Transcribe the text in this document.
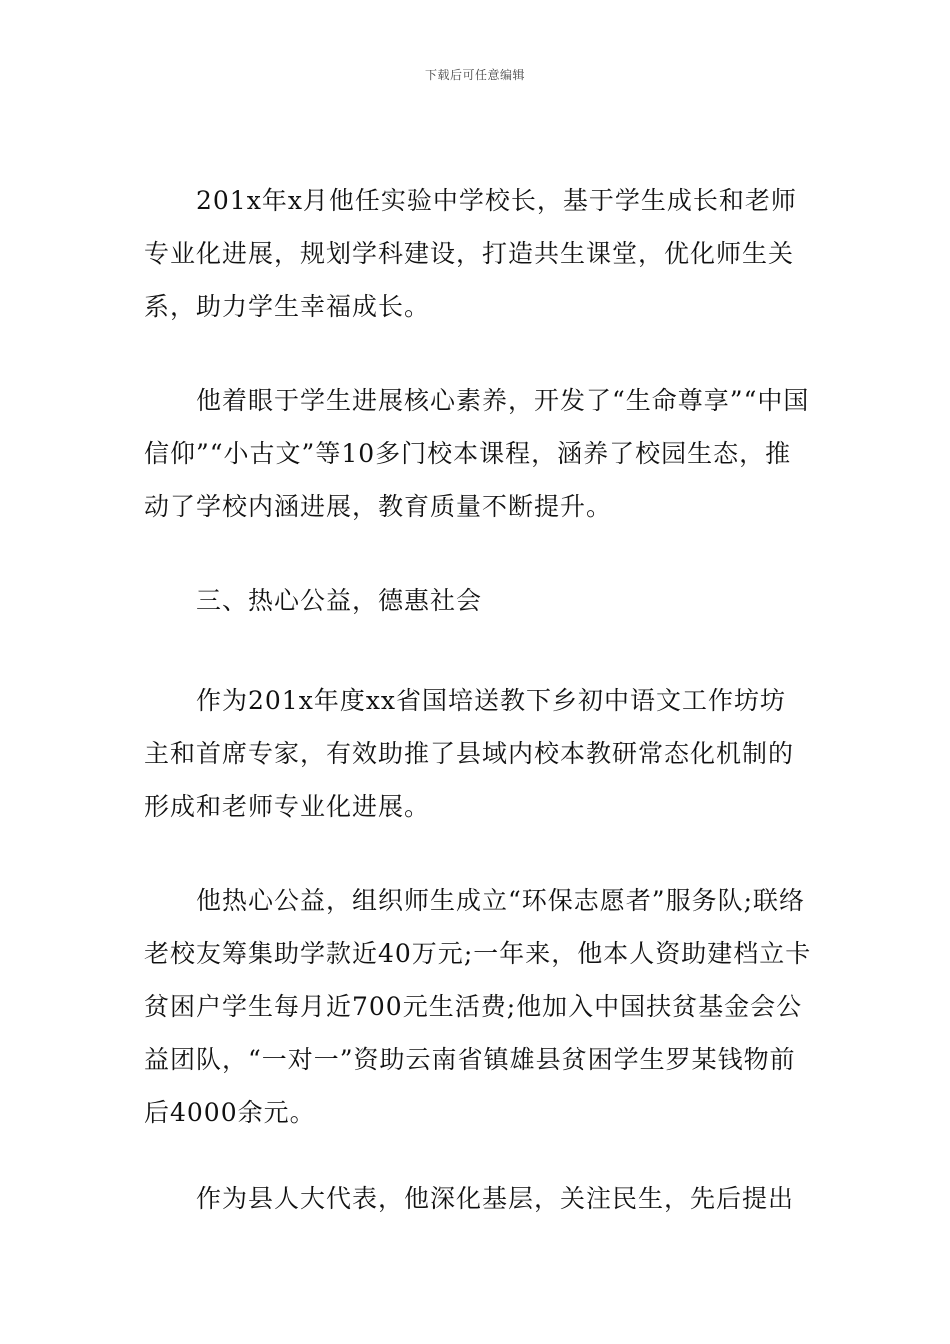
下载后可任意编辑

201x年x月他任实验中学校长，基于学生成长和老师专业化进展，规划学科建设，打造共生课堂，优化师生关系，助力学生幸福成长。

他着眼于学生进展核心素养，开发了“生命尊享”“中国信仰”“小古文”等10多门校本课程，涵养了校园生态，推动了学校内涵进展，教育质量不断提升。

三、热心公益，德惠社会

作为201x年度xx省国培送教下乡初中语文工作坊坊主和首席专家，有效助推了县域内校本教研常态化机制的形成和老师专业化进展。

他热心公益，组织师生成立“环保志愿者”服务队;联络老校友筹集助学款近40万元;一年来，他本人资助建档立卡贫困户学生每月近700元生活费;他加入中国扶贫基金会公益团队，“一对一”资助云南省镇雄县贫困学生罗某钱物前后4000余元。

作为县人大代表，他深化基层，关注民生，先后提出
